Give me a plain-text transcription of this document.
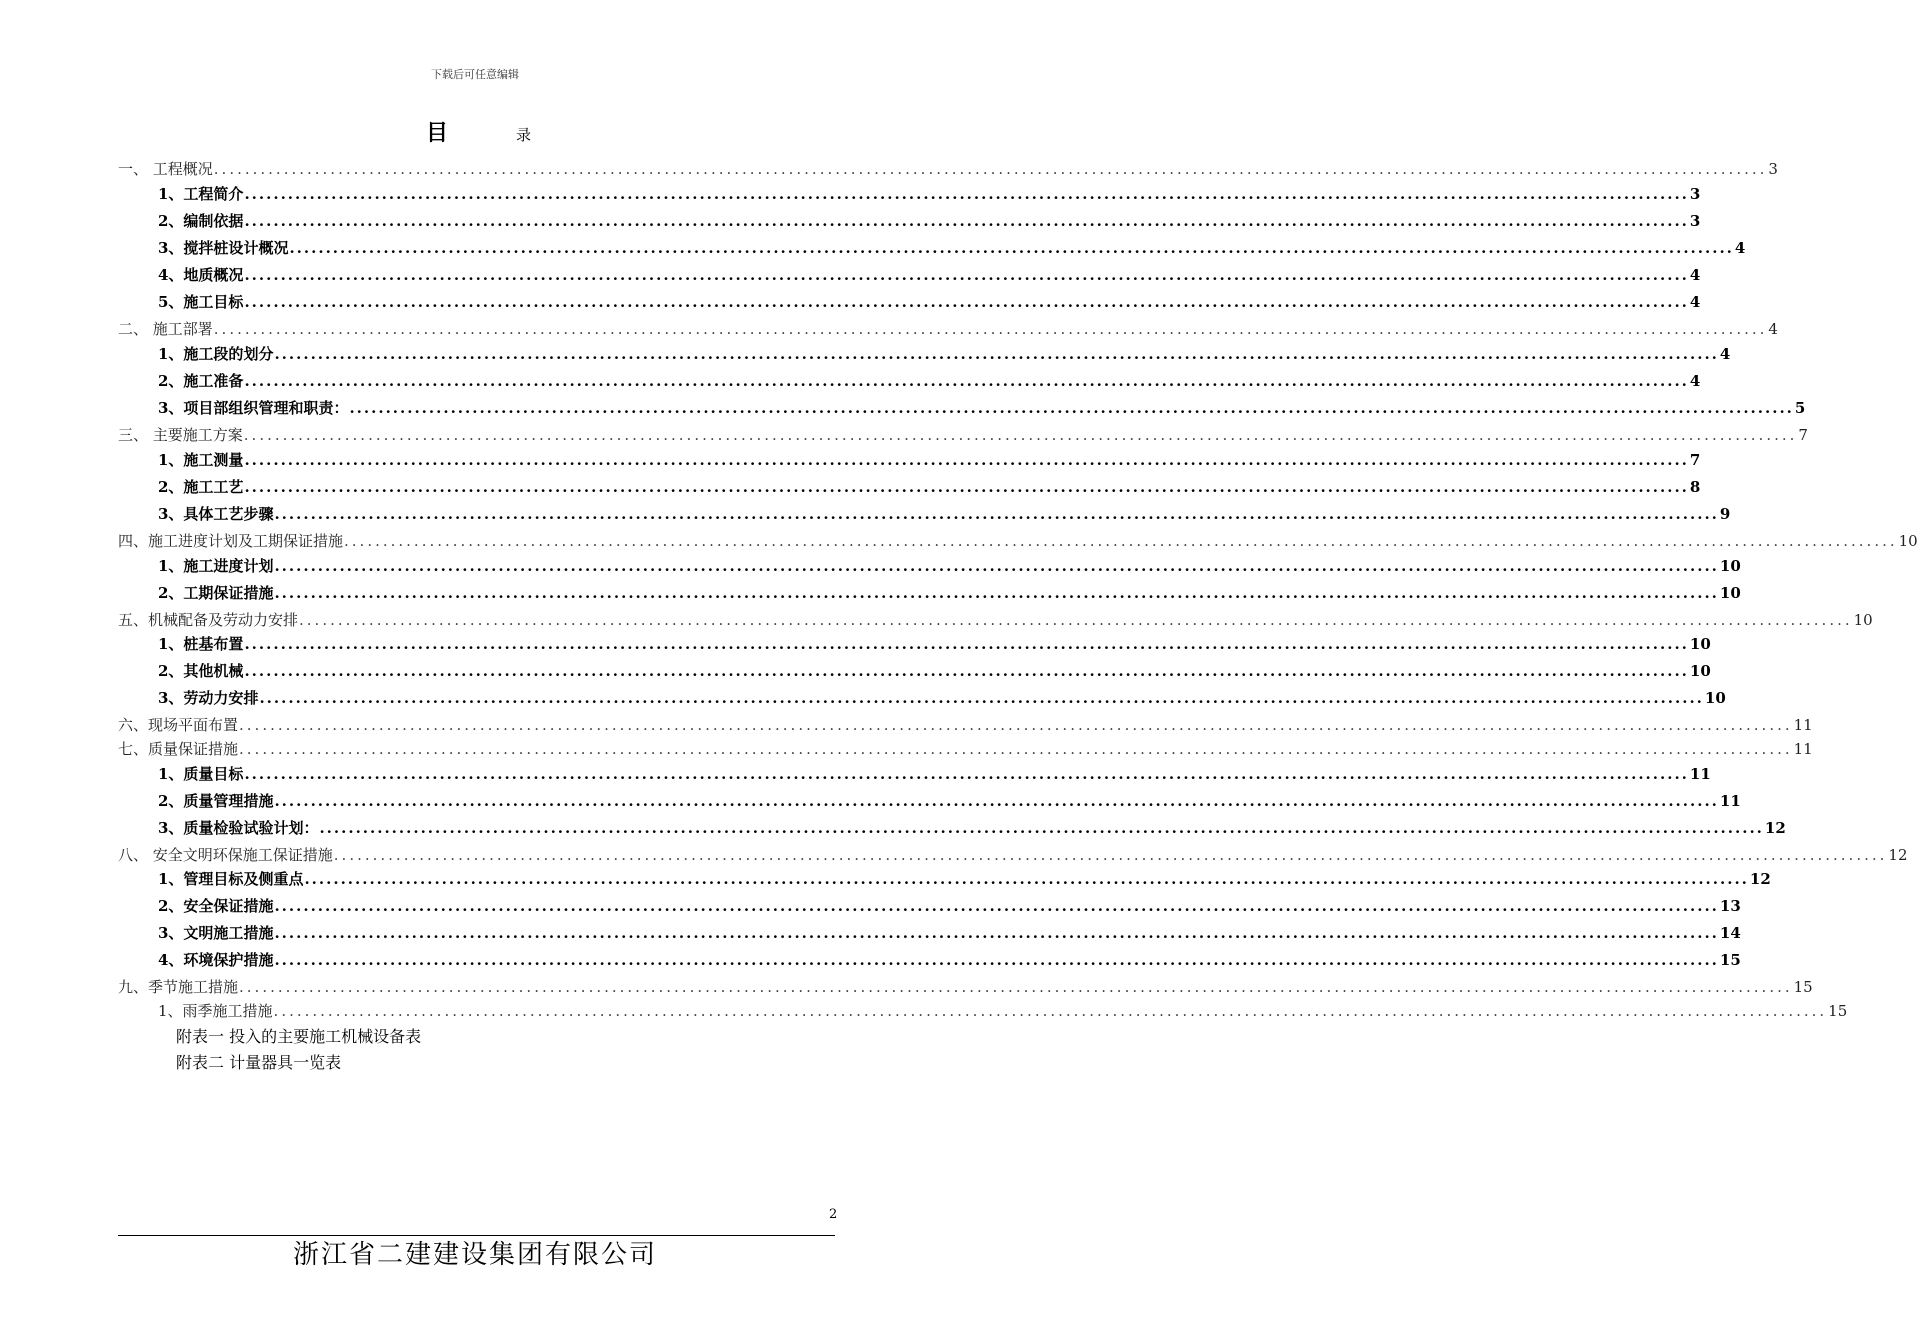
下载后可任意编辑
目	录
一、 工程概况 ........................................................................................................................................................................................................ 3
1、工程简介 ........................................................................................................................................................................................................ 3
2、编制依据 ........................................................................................................................................................................................................ 3
3、搅拌桩设计概况 ........................................................................................................................................................................................................ 4
4、地质概况 ........................................................................................................................................................................................................ 4
5、施工目标 ........................................................................................................................................................................................................ 4
二、 施工部署 ........................................................................................................................................................................................................ 4
1、施工段的划分 ........................................................................................................................................................................................................ 4
2、施工准备 ........................................................................................................................................................................................................ 4
3、项目部组织管理和职责： ........................................................................................................................................................................................................ 5
三、 主要施工方案 ........................................................................................................................................................................................................ 7
1、施工测量 ........................................................................................................................................................................................................ 7
2、施工工艺 ........................................................................................................................................................................................................ 8
3、具体工艺步骤 ........................................................................................................................................................................................................ 9
四、施工进度计划及工期保证措施 ........................................................................................................................................................................................................ 10
1、施工进度计划 ........................................................................................................................................................................................................ 10
2、工期保证措施 ........................................................................................................................................................................................................ 10
五、机械配备及劳动力安排 ........................................................................................................................................................................................................ 10
1、桩基布置 ........................................................................................................................................................................................................ 10
2、其他机械 ........................................................................................................................................................................................................ 10
3、劳动力安排 ........................................................................................................................................................................................................ 10
六、现场平面布置 ........................................................................................................................................................................................................ 11
七、质量保证措施 ........................................................................................................................................................................................................ 11
1、质量目标 ........................................................................................................................................................................................................ 11
2、质量管理措施 ........................................................................................................................................................................................................ 11
3、质量检验试验计划： ........................................................................................................................................................................................................ 12
八、 安全文明环保施工保证措施 ........................................................................................................................................................................................................ 12
1、管理目标及侧重点 ........................................................................................................................................................................................................ 12
2、安全保证措施 ........................................................................................................................................................................................................ 13
3、文明施工措施 ........................................................................................................................................................................................................ 14
4、环境保护措施 ........................................................................................................................................................................................................ 15
九、季节施工措施 ........................................................................................................................................................................................................ 15
1、雨季施工措施 ........................................................................................................................................................................................................ 15
附表一 投入的主要施工机械设备表
附表二 计量器具一览表
2
浙江省二建建设集团有限公司
